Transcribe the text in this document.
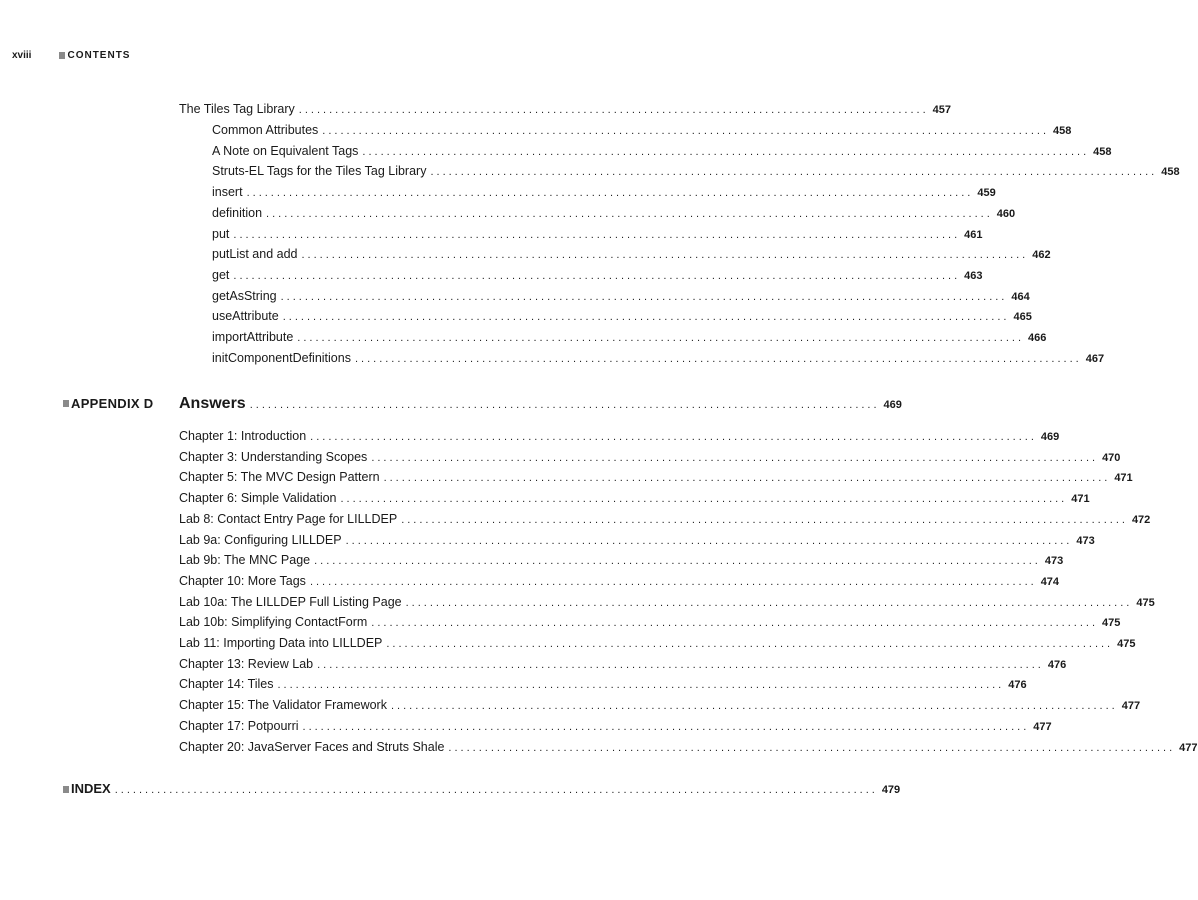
xviii	CONTENTS
The Tiles Tag Library ........................................................................................................ 457
Common Attributes ........................................................................................................................ 458
A Note on Equivalent Tags ........................................................................................................................ 458
Struts-EL Tags for the Tiles Tag Library ........................................................................................................................ 458
insert ........................................................................................................................ 459
definition ........................................................................................................................ 460
put ........................................................................................................................ 461
putList and add ........................................................................................................................ 462
get ........................................................................................................................ 463
getAsString ........................................................................................................................ 464
useAttribute ........................................................................................................................ 465
importAttribute ........................................................................................................................ 466
initComponentDefinitions ........................................................................................................................ 467
APPENDIX D Answers ........................................................................................................ 469
Chapter 1: Introduction ........................................................................................................................ 469
Chapter 3: Understanding Scopes ........................................................................................................................ 470
Chapter 5: The MVC Design Pattern ........................................................................................................................ 471
Chapter 6: Simple Validation ........................................................................................................................ 471
Lab 8: Contact Entry Page for LILLDEP ........................................................................................................................ 472
Lab 9a: Configuring LILLDEP ........................................................................................................................ 473
Lab 9b: The MNC Page ........................................................................................................................ 473
Chapter 10: More Tags ........................................................................................................................ 474
Lab 10a: The LILLDEP Full Listing Page ........................................................................................................................ 475
Lab 10b: Simplifying ContactForm ........................................................................................................................ 475
Lab 11: Importing Data into LILLDEP ........................................................................................................................ 475
Chapter 13: Review Lab ........................................................................................................................ 476
Chapter 14: Tiles ........................................................................................................................ 476
Chapter 15: The Validator Framework ........................................................................................................................ 477
Chapter 17: Potpourri ........................................................................................................................ 477
Chapter 20: JavaServer Faces and Struts Shale ........................................................................................................................ 477
INDEX .............................................................................................................................. 479
